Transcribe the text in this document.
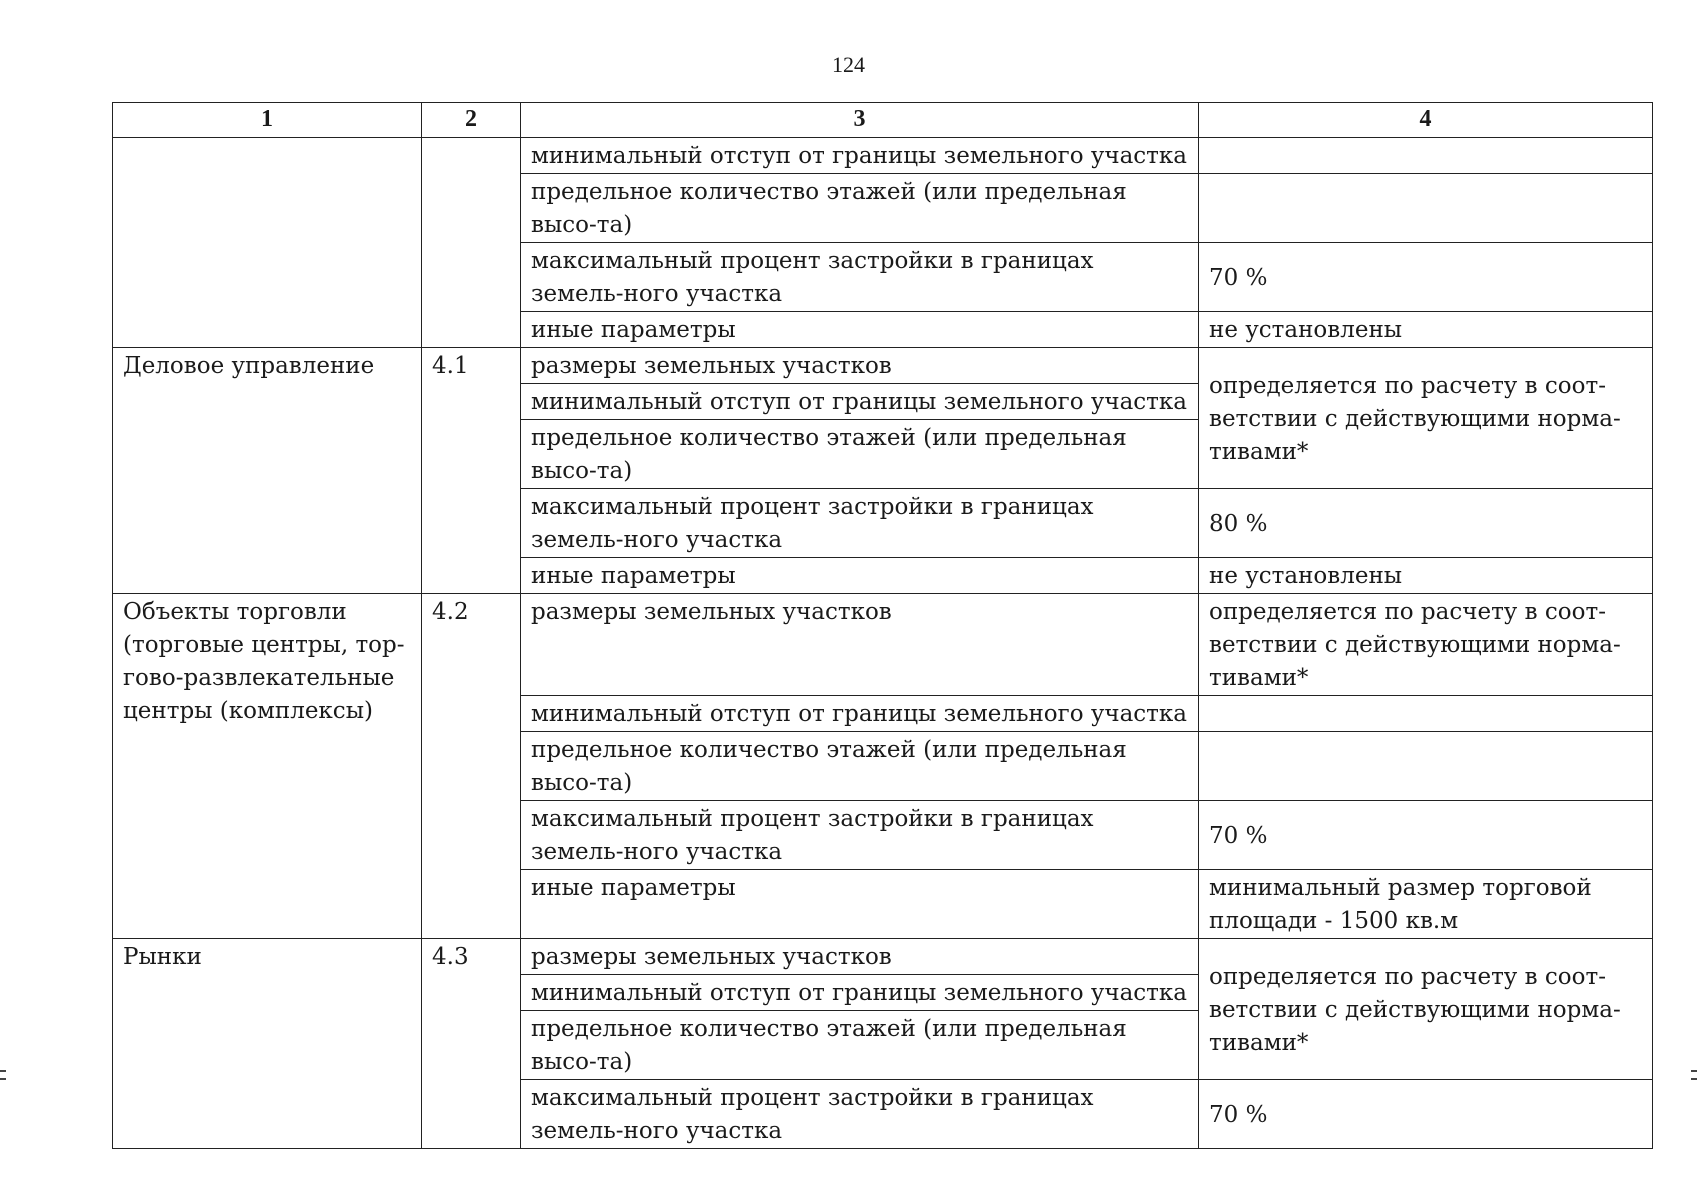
124
1	2	3	4
		минимальный отступ от границы земельного участка	
		предельное количество этажей (или предельная высо-та)	
		максимальный процент застройки в границах земель-ного участка	70 %
		иные параметры	не установлены
Деловое управление	4.1	размеры земельных участков	определяется по расчету в соот-ветствии с действующими норма-тивами*
		минимальный отступ от границы земельного участка	
		предельное количество этажей (или предельная высо-та)	
		максимальный процент застройки в границах земель-ного участка	80 %
		иные параметры	не установлены
Объекты торговли (торговые центры, тор-гово-развлекательные центры (комплексы)	4.2	размеры земельных участков	определяется по расчету в соот-ветствии с действующими норма-тивами*
		минимальный отступ от границы земельного участка	
		предельное количество этажей (или предельная высо-та)	
		максимальный процент застройки в границах земель-ного участка	70 %
		иные параметры	минимальный размер торговой площади - 1500 кв.м
Рынки	4.3	размеры земельных участков	определяется по расчету в соот-ветствии с действующими норма-тивами*
		минимальный отступ от границы земельного участка	
		предельное количество этажей (или предельная высо-та)	
		максимальный процент застройки в границах земель-ного участка	70 %
